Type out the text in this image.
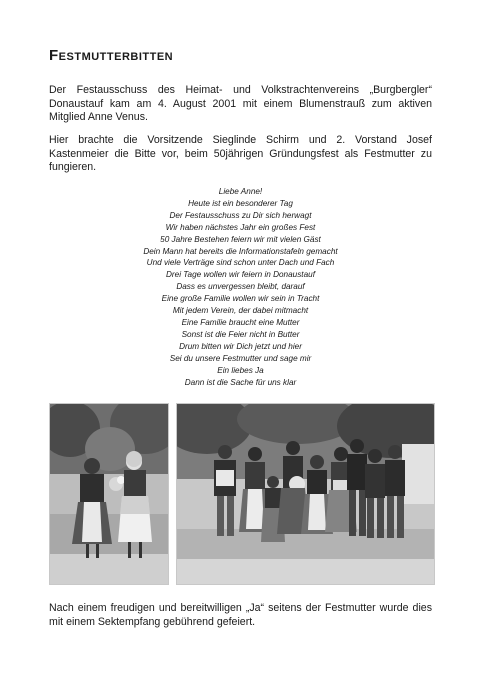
Festmutterbitten

Der Festausschuss des Heimat- und Volkstrachtenvereins „Burgbergler“ Donaustauf kam am 4. August 2001 mit einem Blumenstrauß zum aktiven Mitglied Anne Venus.

Hier brachte die Vorsitzende Sieglinde Schirm und 2. Vorstand Josef Kastenmeier die Bitte vor, beim 50jährigen Gründungsfest als Festmutter zu fungieren.

Liebe Anne!
Heute ist ein besonderer Tag
Der Festausschuss zu Dir sich herwagt
Wir haben nächstes Jahr ein großes Fest
50 Jahre Bestehen feiern wir mit vielen Gäst
Dein Mann hat bereits die Informationstafeln gemacht
Und viele Verträge sind schon unter Dach und Fach
Drei Tage wollen wir feiern in Donaustauf
Dass es unvergessen bleibt, darauf
Eine große Familie wollen wir sein in Tracht
Mit jedem Verein, der dabei mitmacht
Eine Familie braucht eine Mutter
Sonst ist die Feier nicht in Butter
Drum bitten wir Dich jetzt und hier
Sei du unsere Festmutter und sage mir
Ein liebes Ja
Dann ist die Sache für uns klar

Nach einem freudigen und bereitwilligen „Ja“ seitens der Festmutter wurde dies mit einem Sektempfang gebührend gefeiert.
